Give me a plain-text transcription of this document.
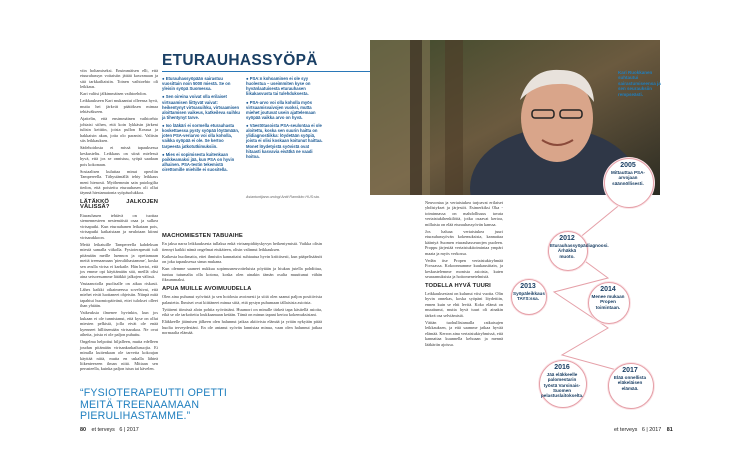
viin holtamiseksi. Ensimmäisen elli, että etuurahassyn voitaisiin jättää kasvamaan ja sitä tarkkailtaisiin. Toinen vaihtoehto oli leikkaus.

Kari valitsi jälkimmäisen vaihtoehdon.

Leikkaukseen Kari mukaantui olleensa hyvä, mutta hei järkvät päätöksen mimaa tehtäväkseen.

Ajattelin, että ensimmäinen vaihtoehto johtaisi siihen, että koin lykkäsin järkeni tulisin keittiin, joista pullon Kossua ja hakkaisin akan, jotta olo paranisi. Valitsin siis leikkauksen.

Sädehoidosta ei missä tapauksessa keskusteltu. Leikkaus on siinä mielessä hyvä, että jos se onnistuu, syöpä saadaan pois kokonaan.

Sosiaalisen kuluttaa minut opeoliin Tampereella. Tähystämällä tehty leikkaus meni hienosti. Myöhemmin sain patologilta tiedon, että poistettu eturauhasen oli ollut täynnä hiestamatonta syöpäsolukkoa.

LÄTÄKKÖ JALKOJEN VÄLISSÄ?

Eturauhasen tehtävä on tuottaa siemennesteen nestemäistä osaa ja sulkea virtsaputki. Kun eturauhanen leikataan pois, virtsaputki katkaistaan ja neulotaan kiinni virtsarakkoon.

Meitä leikatuille Tampereella kahdeksan miestä samalla viikolla. Fysioterapeutti tuli pitämään meille luennon ja opettamaan meitä treenaamaan 'pieruliihastamme', koska sen avulla virtsa ei karkaile. Hän kertoi, että jos emme opi käyttämään sitä, meillä olisi aina seisoessamme lätäkkö jalkojen välissä.

Vastaanotolla puolisalle on aikaa riskasti. Lähes kaikki oikaimeessa sovelsivat, että miehet eivät luottaneet ohjeisiin. Niinpä mitä tapahtui huomiopäivänä, ettei tulokset olleet ihan yhtään.

Vaikeuksia ilmenee hyvinkin, kun jos kukaan ei ole tunnistanut, että kyse on ollut miesten pelkistä, jolla eivät ole enää kyenneet hillitsemään virtsarakoa. Ne ovat aiheita, joista ei ole paljon puhuttu.

Ongelma helpottui hiljalleen, mutta edelleen joudun pitämään virtsankarkailusuojia. Ei minulla kuitenkaan ole tarvetta kokoajan käyttää niitä, mutta en uskalla lähteä liikenteeseen ilman niitä. Mittaan sen perusteella, kuinka paljon istun tai kävelen.

“FYSIOTERAPEUTTI OPETTI MEITÄ TREENAAMAAN PIERULIHASTAMME.”
ETURAUHASSYÖPÄ
● Eturauhassyöpään sairastuu vuosittain noin 5000 miestä. Se on yleisin syöpä Suomessa.
● Sen oireina voivat olla erilaiset virtsaamisen liittyvät vaivat: heikentynyt virtsasuihku, virtsaamisen aloittamisen vaikeus, katkeileva suihku ja tihentynyt tarve.
● Iso lääkäri ei sormella eturauhasta koskettaessa pysty syöpää löytämään, joten PSA-veriarvo voi olla koholla, vaikka syöpää ei ole. Se kertoo tarpeesta jatkotutkimuksiin.
● Mies ei sopimisesta kuitenkaan poikkeamaksi jää, kun PSA on hyvin alhainen. PSA-testin tekemistä oirettomille miehille ei suositella.
● PSA:n kohoaminen ei ole syy huolestua – useimmiten kyse on hyvänlaatuisesta eturauhasen liikakasvusta tai tulehduksesta.
● PSA-arvo voi olla koholla myös virtsaamisvaivojen vuoksi, mutta miehet joutuvat usein ajattelemaan syöpää vaikka arvo on hyvä.
● Väestötasoista PSA-seulontaa ei ole aloitettu, koska sen suurin haitta on ylidiagnostiikka: löydetään syöpiä, joista ei olisi koskaan koitunut haittaa. Monet löydetyistä syövistä ovat hitaasti kasvavia eivätkä ne vaadi hoitoa.
Asiantuntijana urologi Antti Rannikko HUS:sta.
MACHOMIESTEN TABUAIHE

En jaksa narra leikkauksesta tullaksa enkä virtsanpidätyskyvyn heikentymistä. Vaikka olisin tiennyt kaikki nämä ongelmat etukäteen, olisin valinnut leikkauksen.

Kaikesta huolimatta, ettei ihmisiin kannattaisi suhtautua hyvin kriittisesti, kun pääpelisäänöt on joka tapauksessa sinun mukana.

Kun olemme saaneet nukkua sopimusneuvotteluista pöytään ja hiukan jutella pohdittua, tuntuu tutumalta olla kotona, koska olen ainakin tämän osalta muuttunut vähän fiksummaksi.

APUA MUILLE AVOIMUUDELLA

Olen aina puhunut syövästä ja sen hoidosta avoimesti ja siitä olen saanut paljon positiivista palautetta. Ihmiset ovat kiittäneet minua siitä, että pystyn puhumaan tällaisista asioista.

Tyttäreni tiimissä aloin pohtia syövästäni. Huumori on minulle tärkeä tapa käsitellä asioita, eikä se ole tarkoitettu loukkaamaan ketään. Tämä on minun tapani kertoa kokemuksistani.

Eläkkeelle jäämisen jälkeen olen halunnut jatkaa aktiivista elämää ja yritän nykyään pitää huolta terveydestäni. En ole antanut syövän lannistaa minua, vaan olen halunnut jatkaa normaalia elämää.

Kari Ruokkanen suhtautui sairastumiseensa ja sen seurauksiin rempseästi.

Neuvontaa ja vertaistukea tarjoavat erilaiset yhdistykset ja järjestöt. Esimerkiksi Oka -toiminnassa on mahdollisuus tavata vertaistukihenkilöitä, jotka osaavat kertoa, millaista on elää eturauhassyövän kanssa.

Jos haluaa vertaistukea juuri eturauhassyövän kokemuksista, kannattaa kääntyä Suomen eturauhasseurojen puoleen. Proppu järjestää vertaistukitoimintaa ympäri maata ja myös verkossa.

Vedän itse Propen vertaistukiryhmää Forssassa. Kokoonnumme kuukausittain, ja keskustelemme monista asioista, kuten seuraamuksista ja hoitomenetelmistä.

TODELLA HYVÄ TUURI

Leikkauksestani on kulunut viisi vuotta. Olin hyvin onnekas, koska syöpäni löydettiin, ennen kuin se ehti levitä. Koko elämä on muuttunut, mutta hyvä tuuri oli ainakin tärkeä osa selviämistä.

Väitän tuohullistamalla ratkaisujen leikkauksen, ja että saamme jatkaa hyvää elämää. Kerron aina vertaistukiryhmissä, että kannattaa kuunnella kehoaan ja mennä lääkäriin ajoissa.

2005
Mittauttaa PSA-arvojaan säännöllisesti.
2012
Eturauhassyöpädiagnoosi. Ärhäkkä muoto.
2013
Syöpäleikkaus TAYS:ssa.
2014
Menee mukaan Propen toimintaan.
2016
Jää eläkkeelle palomestarin työstä Varsinais-Suomen pelastuslaitokselta.
2017
Elää onnellista eläkeläisen elämää.
80 et terveys 6 | 2017	et terveys 6 | 2017 81
